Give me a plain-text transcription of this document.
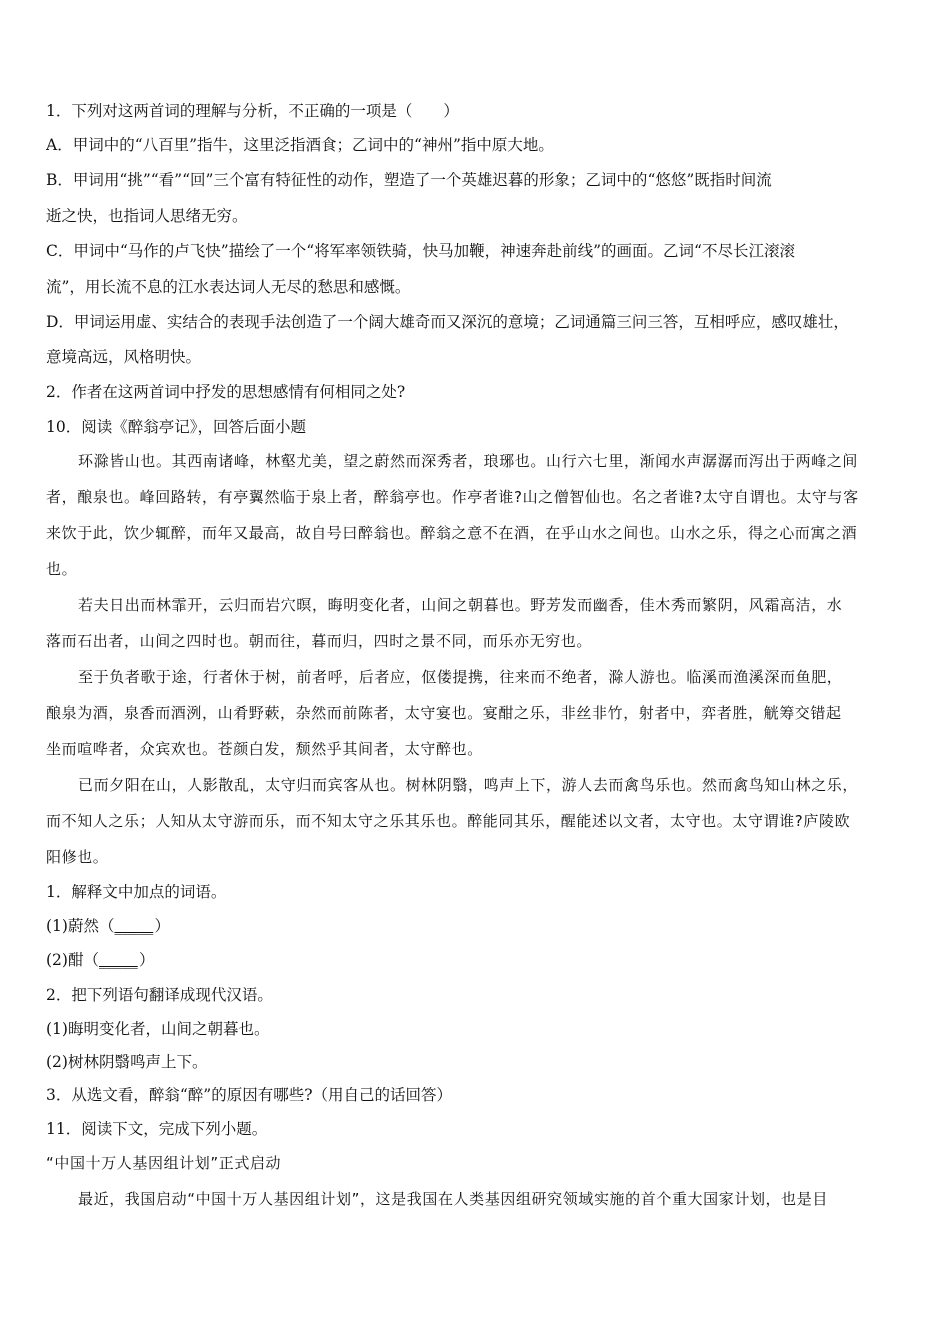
1．下列对这两首词的理解与分析，不正确的一项是（　　）
A．甲词中的“八百里”指牛，这里泛指酒食；乙词中的“神州”指中原大地。
B．甲词用“挑”“看”“回”三个富有特征性的动作，塑造了一个英雄迟暮的形象；乙词中的“悠悠”既指时间流
逝之快，也指词人思绪无穷。
C．甲词中“马作的卢飞快”描绘了一个“将军率领铁骑，快马加鞭，神速奔赴前线”的画面。乙词“不尽长江滚滚
流”，用长流不息的江水表达词人无尽的愁思和感慨。
D．甲词运用虚、实结合的表现手法创造了一个阔大雄奇而又深沉的意境；乙词通篇三问三答，互相呼应，感叹雄壮，
意境高远，风格明快。
2．作者在这两首词中抒发的思想感情有何相同之处?
10．阅读《醉翁亭记》，回答后面小题
环滁皆山也。其西南诸峰，林壑尤美，望之蔚然而深秀者，琅琊也。山行六七里，渐闻水声潺潺而泻出于两峰之间
者，酿泉也。峰回路转，有亭翼然临于泉上者，醉翁亭也。作亭者谁?山之僧智仙也。名之者谁?太守自谓也。太守与客
来饮于此，饮少辄醉，而年又最高，故自号曰醉翁也。醉翁之意不在酒，在乎山水之间也。山水之乐，得之心而寓之酒
也。
若夫日出而林霏开，云归而岩穴暝，晦明变化者，山间之朝暮也。野芳发而幽香，佳木秀而繁阴，风霜高洁，水
落而石出者，山间之四时也。朝而往，暮而归，四时之景不同，而乐亦无穷也。
至于负者歌于途，行者休于树，前者呼，后者应，伛偻提携，往来而不绝者，滁人游也。临溪而渔溪深而鱼肥，
酿泉为酒，泉香而酒洌，山肴野蔌，杂然而前陈者，太守宴也。宴酣之乐，非丝非竹，射者中，弈者胜，觥筹交错起
坐而喧哗者，众宾欢也。苍颜白发，颓然乎其间者，太守醉也。
已而夕阳在山，人影散乱，太守归而宾客从也。树林阴翳，鸣声上下，游人去而禽鸟乐也。然而禽鸟知山林之乐，
而不知人之乐；人知从太守游而乐，而不知太守之乐其乐也。醉能同其乐，醒能述以文者，太守也。太守谓谁?庐陵欧
阳修也。
1．解释文中加点的词语。
(1)蔚然（_____）
(2)酣（_____）
2．把下列语句翻译成现代汉语。
(1)晦明变化者，山间之朝暮也。
(2)树林阴翳鸣声上下。
3．从选文看，醉翁“醉”的原因有哪些?（用自己的话回答）
11．阅读下文，完成下列小题。
“中国十万人基因组计划”正式启动
最近，我国启动“中国十万人基因组计划”，这是我国在人类基因组研究领域实施的首个重大国家计划，也是目
